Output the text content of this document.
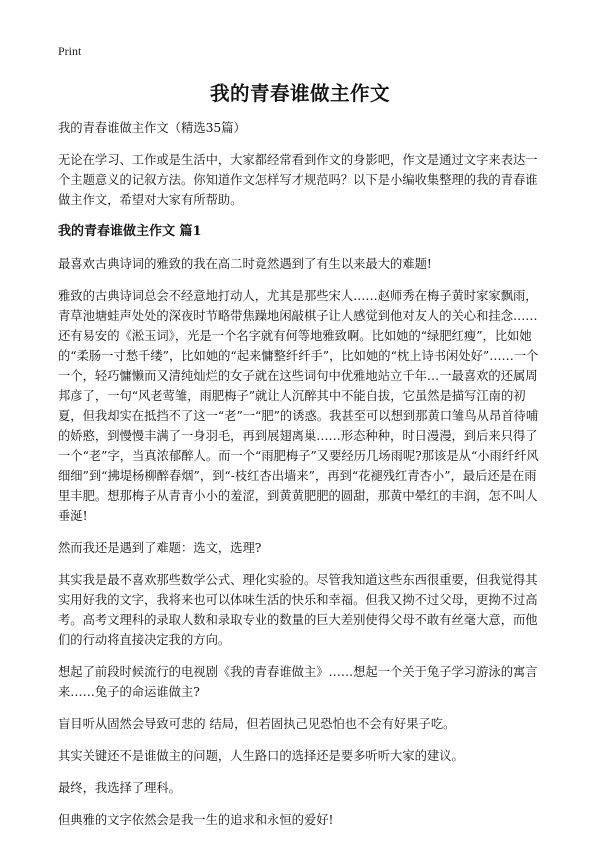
Print
我的青春谁做主作文

我的青春谁做主作文（精选35篇）

无论在学习、工作或是生活中，大家都经常看到作文的身影吧，作文是通过文字来表达一个主题意义的记叙方法。你知道作文怎样写才规范吗？以下是小编收集整理的我的青春谁做主作文，希望对大家有所帮助。

我的青春谁做主作文 篇1

最喜欢古典诗词的雅致的我在高二时竟然遇到了有生以来最大的难题!

雅致的古典诗词总会不经意地打动人，尤其是那些宋人……赵师秀在梅子黄时家家飘雨，青草池塘蛙声处处的深夜时节略带焦躁地闲敲棋子让人感觉到他对友人的关心和挂念……还有易安的《淞玉词》，光是一个名字就有何等地雅致啊。比如她的“绿肥红瘦”，比如她的“柔肠一寸愁千缕”，比如她的“起来慵整纤纤手”，比如她的“枕上诗书闲处好”……一个一个，轻巧慵懒而又清纯灿烂的女子就在这些词句中优雅地站立千年…一最喜欢的还属周邦彦了，一句“风老莺雏，雨肥梅子”就让人沉醉其中不能自拔，它虽然是描写江南的初夏，但我却实在抵挡不了这一“老”一“肥”的诱惑。我甚至可以想到那黄口雏鸟从昂首待哺的娇憨，到慢慢丰满了一身羽毛，再到展翅离巢……形态种种，时日漫漫，到后来只得了一个“老”字，当真浓郁醉人。而一个“雨肥梅子”又要经历几场雨呢?那该是从“小雨纤纤风细细”到“拂堤杨柳醉春烟”，到“-枝红杏出墙来”，再到“花褪残红青杏小”，最后还是在雨里丰肥。想那梅子从青青小小的羞涩，到黄黄肥肥的圆甜，那黄中晕红的丰润，怎不叫人垂涎!

然而我还是遇到了难题：选文，选理?

其实我是最不喜欢那些数学公式、理化实验的。尽管我知道这些东西很重要，但我觉得其实用好我的文字，我将来也可以体味生活的快乐和幸福。但我又拗不过父母，更拗不过高考。高考文理科的录取人数和录取专业的数量的巨大差别使得父母不敢有丝毫大意，而他们的行动将直接决定我的方向。

想起了前段时候流行的电视剧《我的青春谁做主》……想起一个关于兔子学习游泳的寓言来……兔子的命运谁做主?

盲目听从固然会导致可悲的 结局，但若固执己见恐怕也不会有好果子吃。

其实关键还不是谁做主的问题，人生路口的选择还是要多听听大家的建议。

最终，我选择了理科。

但典雅的文字依然会是我一生的追求和永恒的爱好!
